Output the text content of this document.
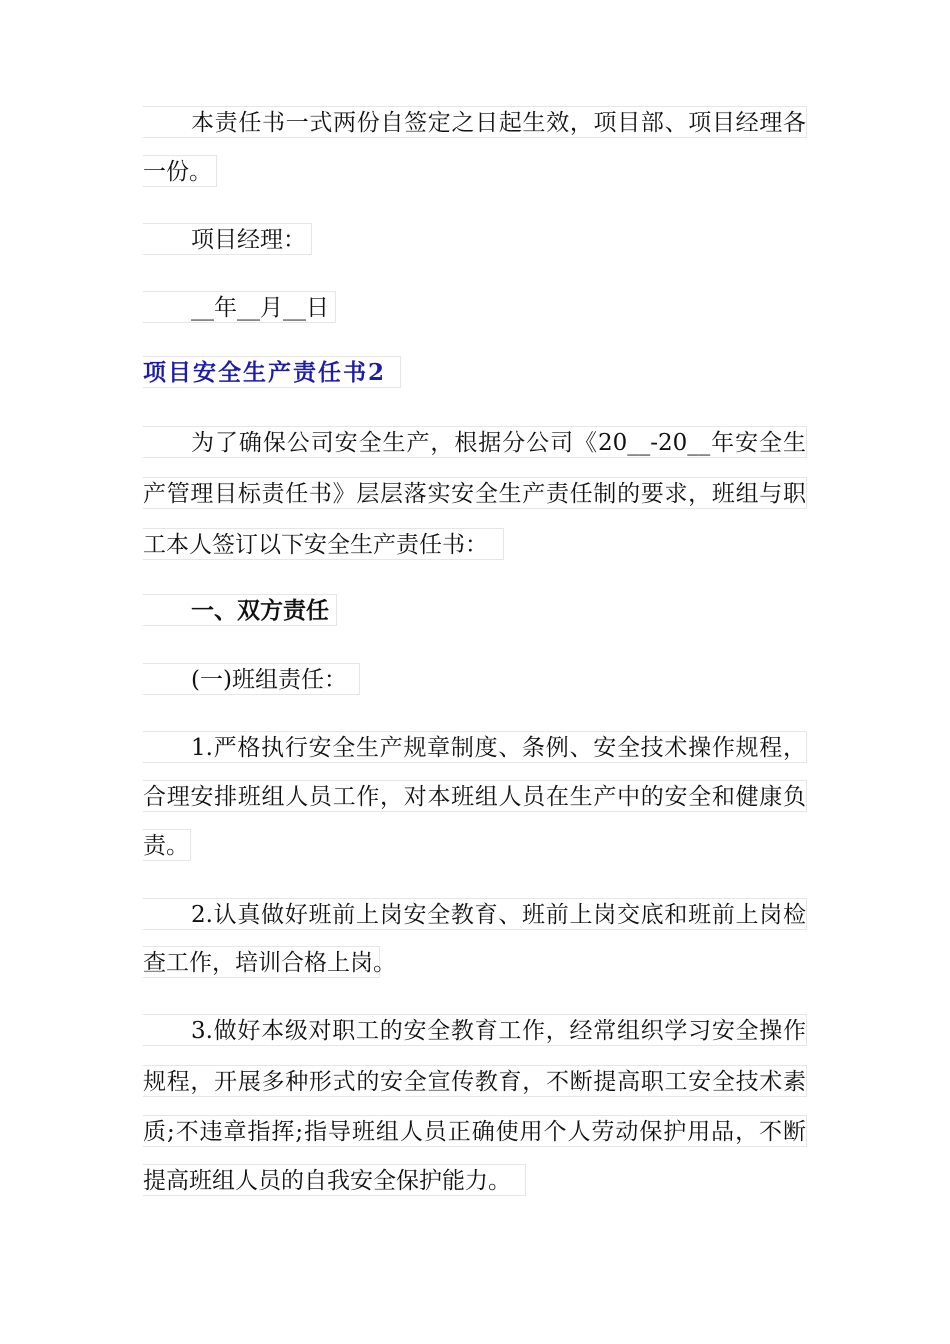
本责任书一式两份自签定之日起生效，项目部、项目经理各
一份。
项目经理：
__年__月__日
项目安全生产责任书2
为了确保公司安全生产，根据分公司《20__-20__年安全生
产管理目标责任书》层层落实安全生产责任制的要求，班组与职
工本人签订以下安全生产责任书：
一、双方责任
(一)班组责任：
1.严格执行安全生产规章制度、条例、安全技术操作规程，
合理安排班组人员工作，对本班组人员在生产中的安全和健康负
责。
2.认真做好班前上岗安全教育、班前上岗交底和班前上岗检
查工作，培训合格上岗。
3.做好本级对职工的安全教育工作，经常组织学习安全操作
规程，开展多种形式的安全宣传教育，不断提高职工安全技术素
质;不违章指挥;指导班组人员正确使用个人劳动保护用品，不断
提高班组人员的自我安全保护能力。
